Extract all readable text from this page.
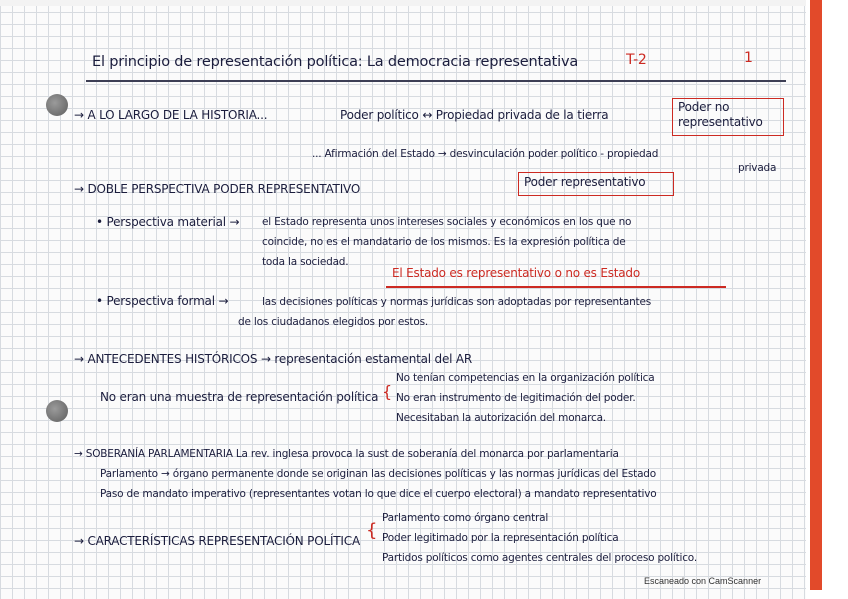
El principio de representación política: La democracia representativa	T-2	1
→ A LO LARGO DE LA HISTORIA...	Poder político ↔ Propiedad privada de la tierra
Poder no representativo
... Afirmación del Estado → desvinculación poder político - propiedad
privada
→ DOBLE PERSPECTIVA PODER REPRESENTATIVO	Poder representativo
• Perspectiva material → el Estado representa unos intereses sociales y económicos en los que no
coincide, no es el mandatario de los mismos. Es la expresión política de
toda la sociedad.
El Estado es representativo o no es Estado
• Perspectiva formal →	las decisiones políticas y normas jurídicas son adoptadas por representantes
de los ciudadanos elegidos por estos.
→ ANTECEDENTES HISTÓRICOS → representación estamental del AR
No eran una muestra de representación política {
No tenían competencias en la organización política
No eran instrumento de legitimación del poder.
Necesitaban la autorización del monarca.
→ SOBERANÍA PARLAMENTARIA La rev. inglesa provoca la sust de soberanía del monarca por parlamentaria
Parlamento → órgano permanente donde se originan las decisiones políticas y las normas jurídicas del Estado
Paso de mandato imperativo (representantes votan lo que dice el cuerpo electoral) a mandato representativo
→ CARACTERÍSTICAS REPRESENTACIÓN POLÍTICA {
Parlamento como órgano central
Poder legitimado por la representación política
Partidos políticos como agentes centrales del proceso político.
Escaneado con CamScanner
